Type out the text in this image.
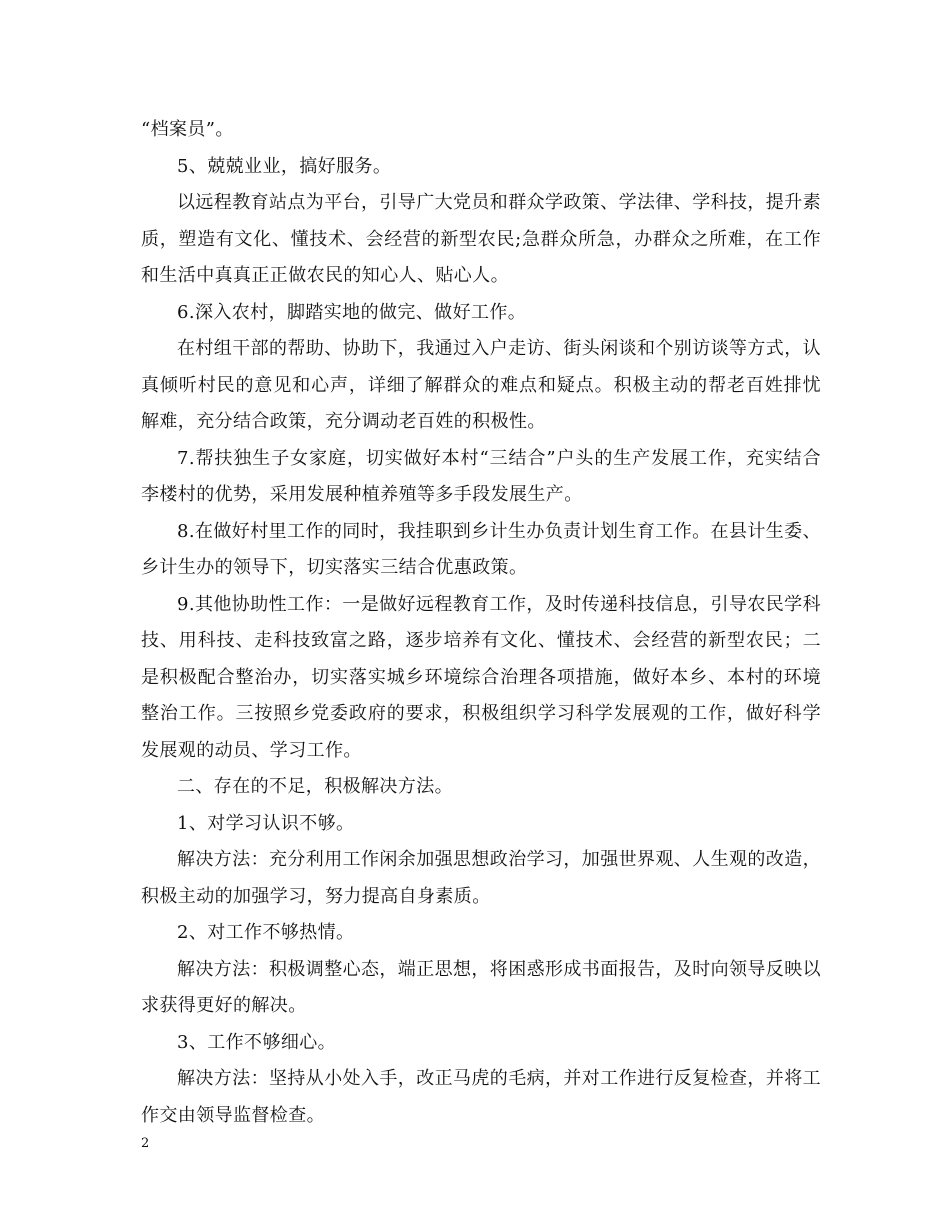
“档案员”。

5、兢兢业业，搞好服务。

以远程教育站点为平台，引导广大党员和群众学政策、学法律、学科技，提升素质，塑造有文化、懂技术、会经营的新型农民;急群众所急，办群众之所难，在工作和生活中真真正正做农民的知心人、贴心人。

6.深入农村，脚踏实地的做完、做好工作。

在村组干部的帮助、协助下，我通过入户走访、街头闲谈和个别访谈等方式，认真倾听村民的意见和心声，详细了解群众的难点和疑点。积极主动的帮老百姓排忧解难，充分结合政策，充分调动老百姓的积极性。

7.帮扶独生子女家庭，切实做好本村“三结合”户头的生产发展工作，充实结合李楼村的优势，采用发展种植养殖等多手段发展生产。

8.在做好村里工作的同时，我挂职到乡计生办负责计划生育工作。在县计生委、乡计生办的领导下，切实落实三结合优惠政策。

9.其他协助性工作：一是做好远程教育工作，及时传递科技信息，引导农民学科技、用科技、走科技致富之路，逐步培养有文化、懂技术、会经营的新型农民；二是积极配合整治办，切实落实城乡环境综合治理各项措施，做好本乡、本村的环境整治工作。三按照乡党委政府的要求，积极组织学习科学发展观的工作，做好科学发展观的动员、学习工作。

二、存在的不足，积极解决方法。

1、对学习认识不够。

解决方法：充分利用工作闲余加强思想政治学习，加强世界观、人生观的改造，积极主动的加强学习，努力提高自身素质。

2、对工作不够热情。

解决方法：积极调整心态，端正思想，将困惑形成书面报告，及时向领导反映以求获得更好的解决。

3、工作不够细心。

解决方法：坚持从小处入手，改正马虎的毛病，并对工作进行反复检查，并将工作交由领导监督检查。

2
